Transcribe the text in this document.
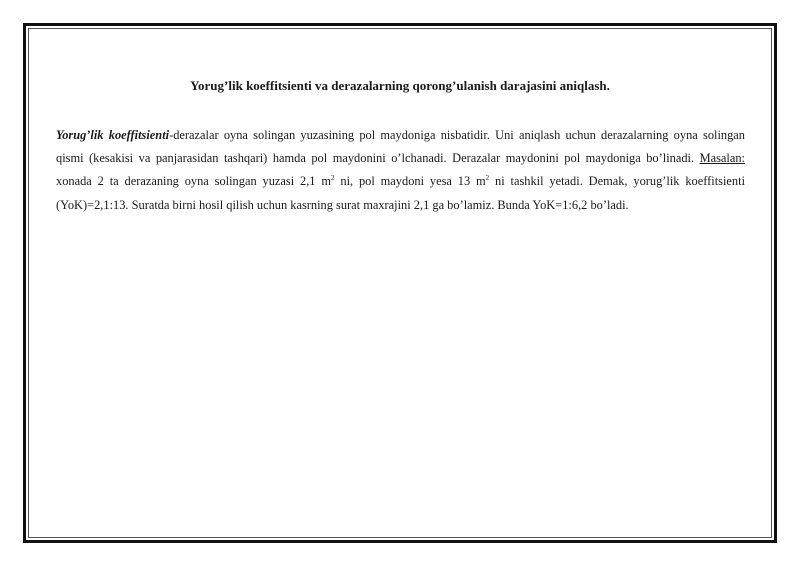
Yorug’lik koeffitsienti va derazalarning qorong’ulanish darajasini aniqlash.
Yorug’lik koeffitsienti-derazalar oyna solingan yuzasining pol maydoniga nisbatidir. Uni aniqlash uchun derazalarning oyna solingan qismi (kesakisi va panjarasidan tashqari) hamda pol maydonini o’lchanadi. Derazalar maydonini pol maydoniga bo’linadi. Masalan: xonada 2 ta derazaning oyna solingan yuzasi 2,1 $m^2$ ni, pol maydoni yesa 13 $m^2$ ni tashkil yetadi. Demak, yorug’lik koeffitsienti (YoK)=2,1:13. Suratda birni hosil qilish uchun kasrning surat maxrajini 2,1 ga bo’lamiz. Bunda YoK=1:6,2 bo’ladi.
